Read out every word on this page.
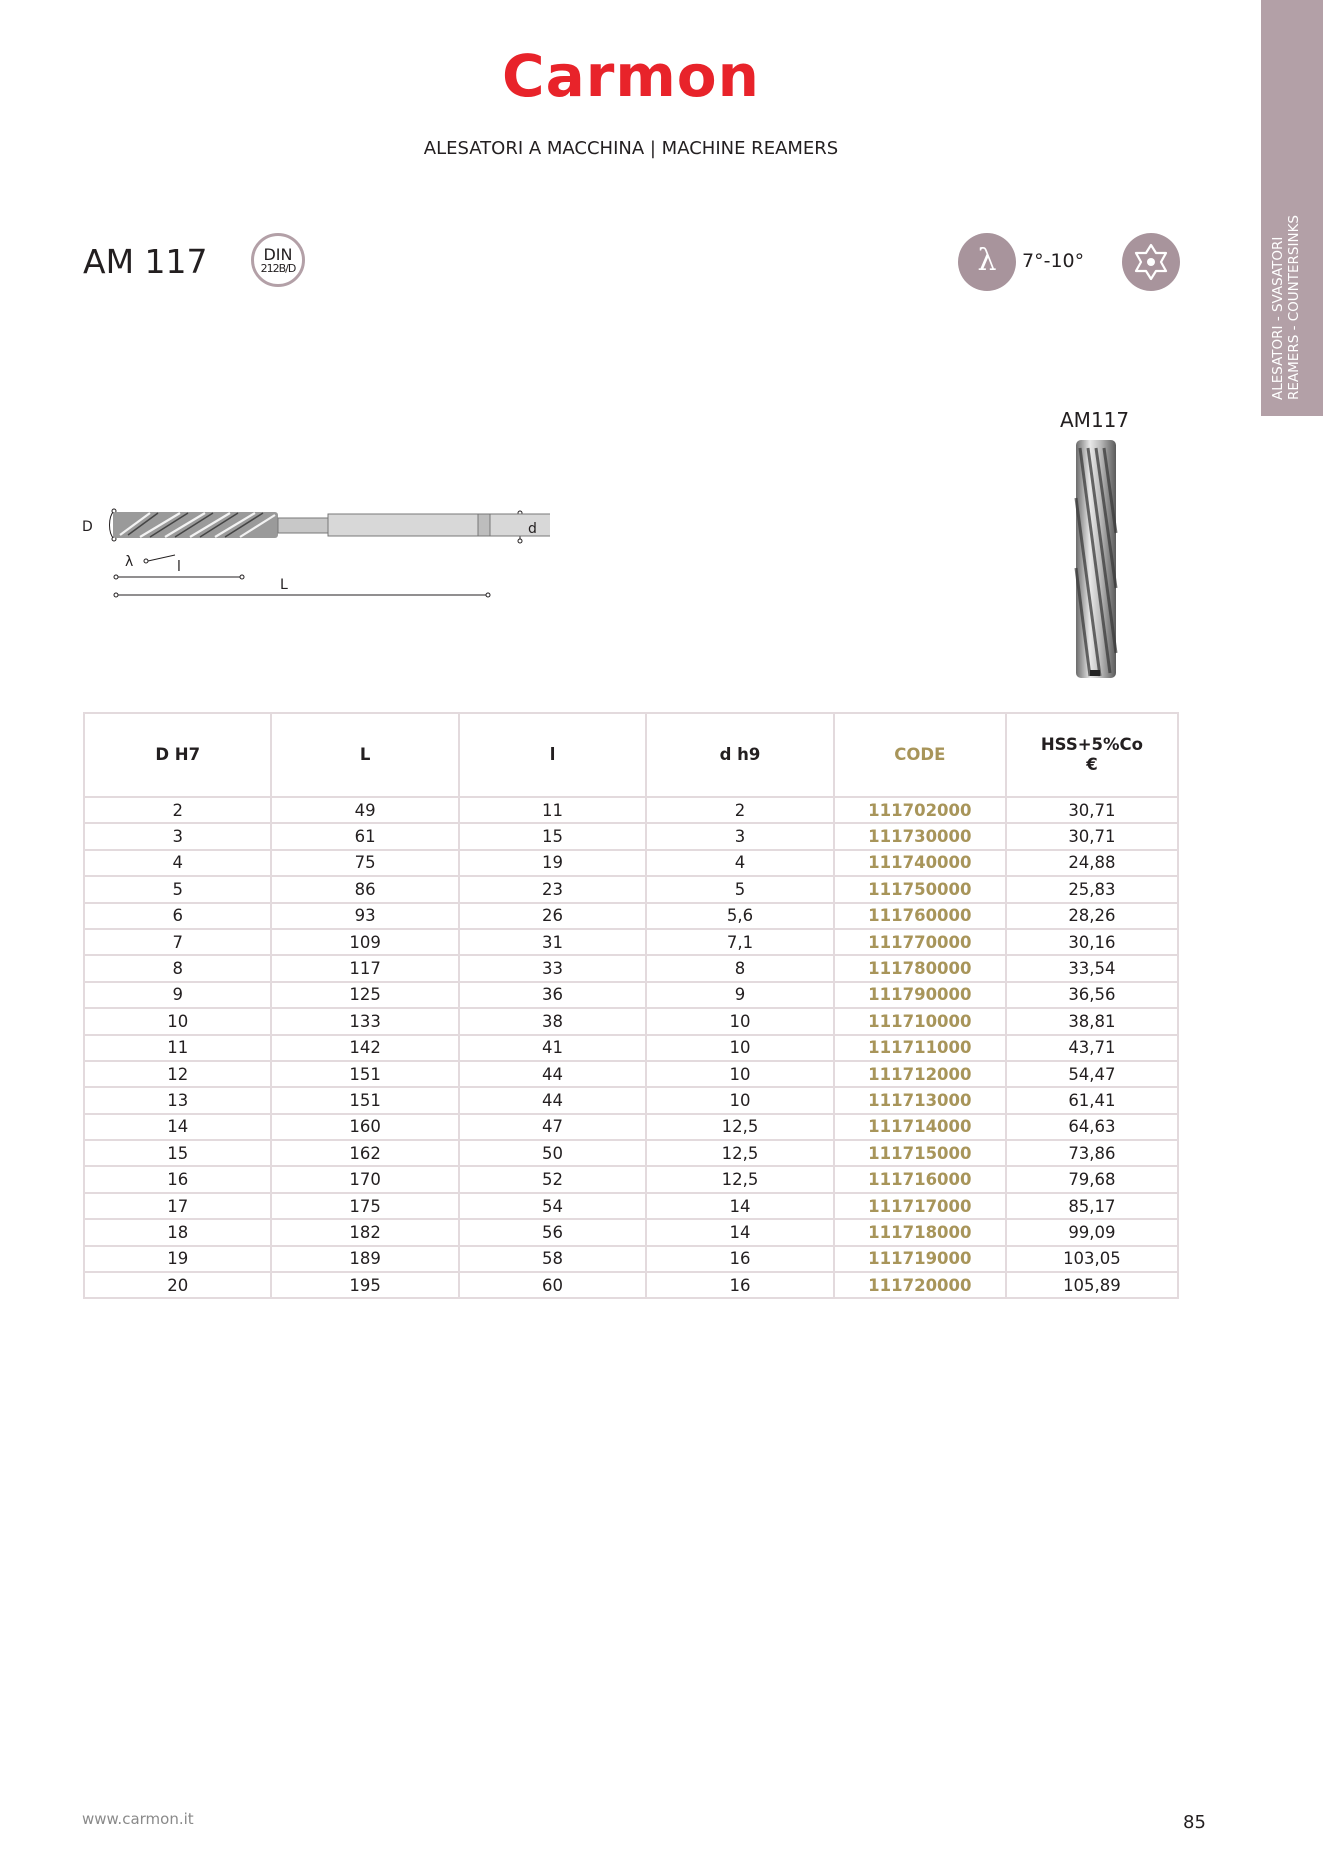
Carmon
ALESATORI A MACCHINA | MACHINE REAMERS
ALESATORI - SVASATORI REAMERS - COUNTERSINKS
AM 117	DIN
212B/D	λ	7°-10°
AM117
D	d
λ	l
L
D H7	L	l	d h9	CODE	HSS+5%Co
€

2	49	11	2	111702000	30,71
3	61	15	3	111730000	30,71
4	75	19	4	111740000	24,88
5	86	23	5	111750000	25,83
6	93	26	5,6	111760000	28,26
7	109	31	7,1	111770000	30,16
8	117	33	8	111780000	33,54
9	125	36	9	111790000	36,56
10	133	38	10	111710000	38,81
11	142	41	10	111711000	43,71
12	151	44	10	111712000	54,47
13	151	44	10	111713000	61,41
14	160	47	12,5	111714000	64,63
15	162	50	12,5	111715000	73,86
16	170	52	12,5	111716000	79,68
17	175	54	14	111717000	85,17
18	182	56	14	111718000	99,09
19	189	58	16	111719000	103,05
20	195	60	16	111720000	105,89
www.carmon.it	85
